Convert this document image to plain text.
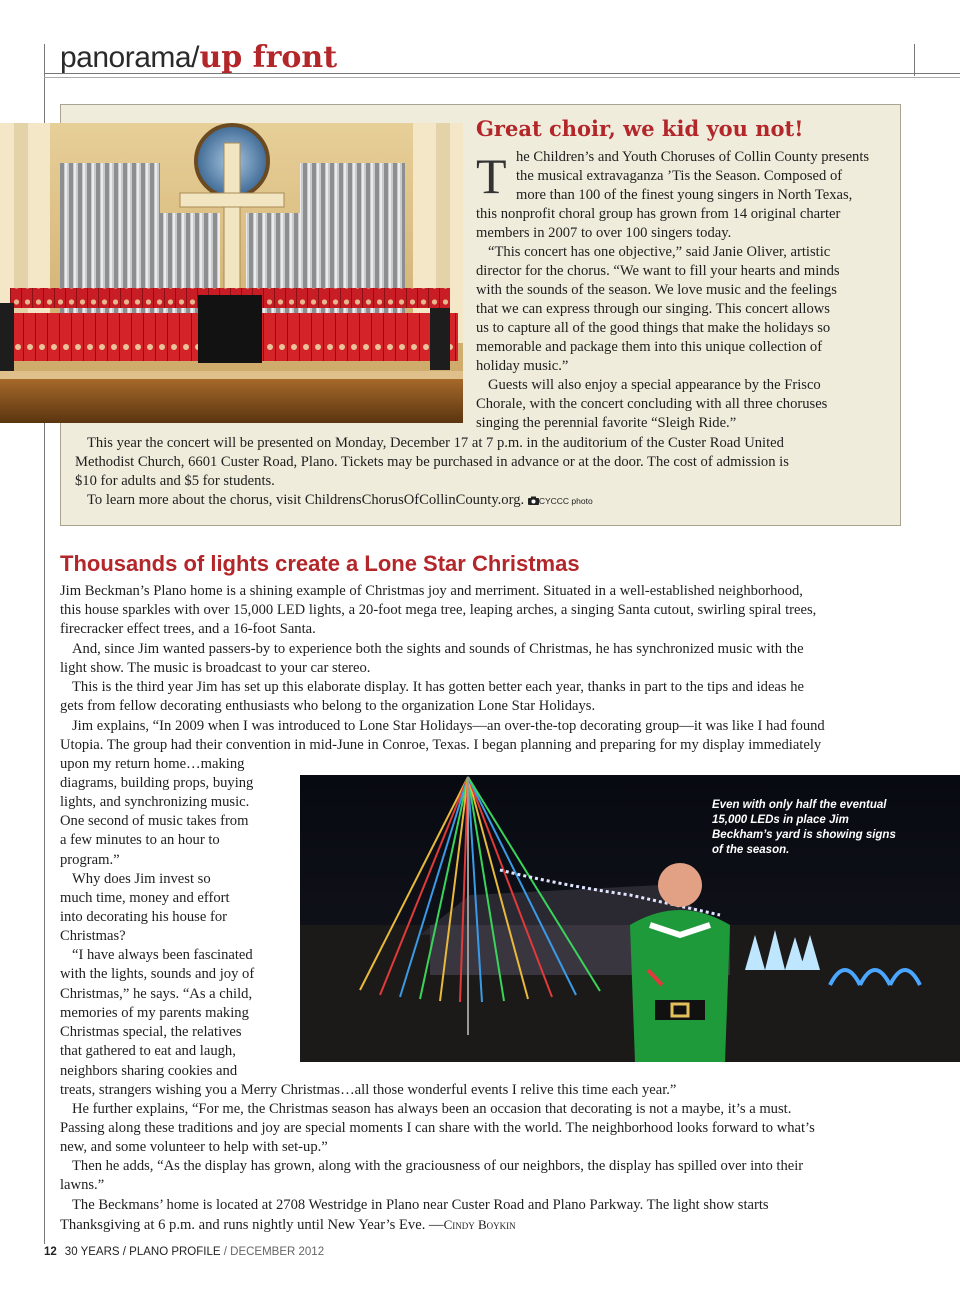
panorama/up front
Great choir, we kid you not!
T he Children’s and Youth Choruses of Collin County presents
the musical extravaganza ’Tis the Season. Composed of
more than 100 of the finest young singers in North Texas,
this nonprofit choral group has grown from 14 original charter
members in 2007 to over 100 singers today.
“This concert has one objective,” said Janie Oliver, artistic
director for the chorus. “We want to fill your hearts and minds
with the sounds of the season. We love music and the feelings
that we can express through our singing. This concert allows
us to capture all of the good things that make the holidays so
memorable and package them into this unique collection of
holiday music.”
Guests will also enjoy a special appearance by the Frisco
Chorale, with the concert concluding with all three choruses
singing the perennial favorite “Sleigh Ride.”
This year the concert will be presented on Monday, December 17 at 7 p.m. in the auditorium of the Custer Road United
Methodist Church, 6601 Custer Road, Plano. Tickets may be purchased in advance or at the door. The cost of admission is
$10 for adults and $5 for students.
To learn more about the chorus, visit ChildrensChorusOfCollinCounty.org. CYCCC photo
Thousands of lights create a Lone Star Christmas
Jim Beckman’s Plano home is a shining example of Christmas joy and merriment. Situated in a well-established neighborhood,
this house sparkles with over 15,000 LED lights, a 20-foot mega tree, leaping arches, a singing Santa cutout, swirling spiral trees,
firecracker effect trees, and a 16-foot Santa.
And, since Jim wanted passers-by to experience both the sights and sounds of Christmas, he has synchronized music with the
light show. The music is broadcast to your car stereo.
This is the third year Jim has set up this elaborate display. It has gotten better each year, thanks in part to the tips and ideas he
gets from fellow decorating enthusiasts who belong to the organization Lone Star Holidays.
Jim explains, “In 2009 when I was introduced to Lone Star Holidays—an over-the-top decorating group—it was like I had found
Utopia. The group had their convention in mid-June in Conroe, Texas. I began planning and preparing for my display immediately
upon my return home…making
diagrams, building props, buying
lights, and synchronizing music.
One second of music takes from
a few minutes to an hour to
program.”
Why does Jim invest so
much time, money and effort
into decorating his house for
Christmas?
“I have always been fascinated
with the lights, sounds and joy of
Christmas,” he says. “As a child,
memories of my parents making
Christmas special, the relatives
that gathered to eat and laugh,
neighbors sharing cookies and
treats, strangers wishing you a Merry Christmas…all those wonderful events I relive this time each year.”
He further explains, “For me, the Christmas season has always been an occasion that decorating is not a maybe, it’s a must.
Passing along these traditions and joy are special moments I can share with the world. The neighborhood looks forward to what’s
new, and some volunteer to help with set-up.”
Then he adds, “As the display has grown, along with the graciousness of our neighbors, the display has spilled over into their
lawns.”
The Beckmans’ home is located at 2708 Westridge in Plano near Custer Road and Plano Parkway. The light show starts
Thanksgiving at 6 p.m. and runs nightly until New Year’s Eve. —Cindy Boykin
Even with only half the eventual 15,000 LEDs in place Jim Beckham’s yard is showing signs of the season.
12 30 YEARS / PLANO PROFILE / DECEMBER 2012
